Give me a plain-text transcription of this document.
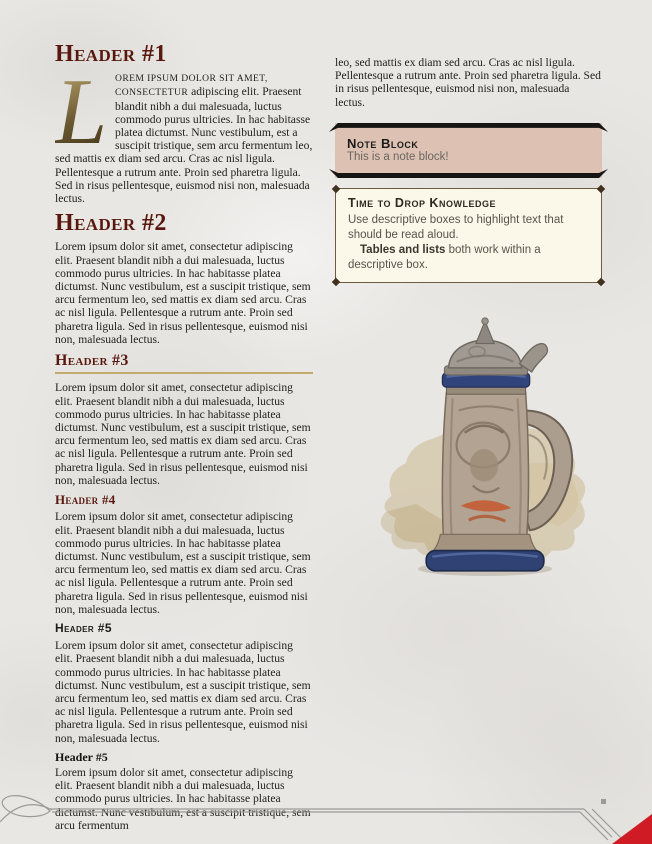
Header #1

L OREM IPSUM DOLOR SIT AMET, CONSECTETUR adipiscing elit. Praesent blandit nibh a dui malesuada, luctus commodo purus ultricies. In hac habitasse platea dictumst. Nunc vestibulum, est a suscipit tristique, sem arcu fermentum leo, sed mattis ex diam sed arcu. Cras ac nisl ligula. Pellentesque a rutrum ante. Proin sed pharetra ligula. Sed in risus pellentesque, euismod nisi non, malesuada lectus.

Header #2

Lorem ipsum dolor sit amet, consectetur adipiscing elit. Praesent blandit nibh a dui malesuada, luctus commodo purus ultricies. In hac habitasse platea dictumst. Nunc vestibulum, est a suscipit tristique, sem arcu fermentum leo, sed mattis ex diam sed arcu. Cras ac nisl ligula. Pellentesque a rutrum ante. Proin sed pharetra ligula. Sed in risus pellentesque, euismod nisi non, malesuada lectus.

Header #3

Lorem ipsum dolor sit amet, consectetur adipiscing elit. Praesent blandit nibh a dui malesuada, luctus commodo purus ultricies. In hac habitasse platea dictumst. Nunc vestibulum, est a suscipit tristique, sem arcu fermentum leo, sed mattis ex diam sed arcu. Cras ac nisl ligula. Pellentesque a rutrum ante. Proin sed pharetra ligula. Sed in risus pellentesque, euismod nisi non, malesuada lectus.

Header #4

Lorem ipsum dolor sit amet, consectetur adipiscing elit. Praesent blandit nibh a dui malesuada, luctus commodo purus ultricies. In hac habitasse platea dictumst. Nunc vestibulum, est a suscipit tristique, sem arcu fermentum leo, sed mattis ex diam sed arcu. Cras ac nisl ligula. Pellentesque a rutrum ante. Proin sed pharetra ligula. Sed in risus pellentesque, euismod nisi non, malesuada lectus.

Header #5

Lorem ipsum dolor sit amet, consectetur adipiscing elit. Praesent blandit nibh a dui malesuada, luctus commodo purus ultricies. In hac habitasse platea dictumst. Nunc vestibulum, est a suscipit tristique, sem arcu fermentum leo, sed mattis ex diam sed arcu. Cras ac nisl ligula. Pellentesque a rutrum ante. Proin sed pharetra ligula. Sed in risus pellentesque, euismod nisi non, malesuada lectus.

Header #5

Lorem ipsum dolor sit amet, consectetur adipiscing elit. Praesent blandit nibh a dui malesuada, luctus commodo purus ultricies. In hac habitasse platea dictumst. Nunc vestibulum, est a suscipit tristique, sem arcu fermentum

leo, sed mattis ex diam sed arcu. Cras ac nisl ligula. Pellentesque a rutrum ante. Proin sed pharetra ligula. Sed in risus pellentesque, euismod nisi non, malesuada lectus.

Note Block

This is a note block!

Time to Drop Knowledge

Use descriptive boxes to highlight text that should be read aloud.

Tables and lists both work within a descriptive box.
